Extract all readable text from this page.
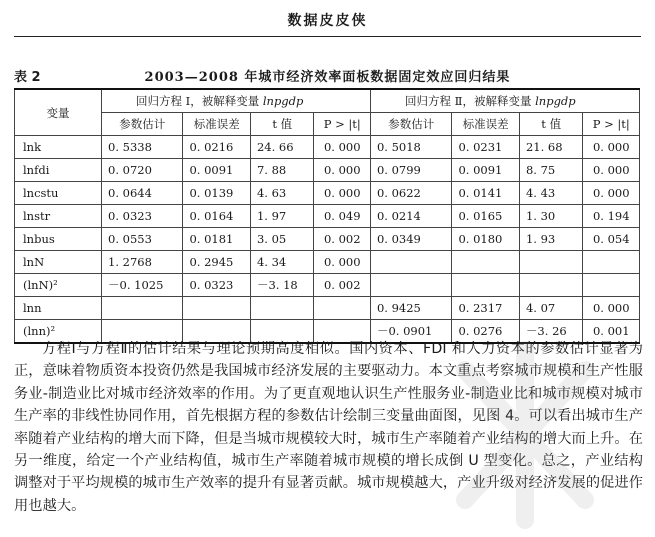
数据皮皮侠
表 2	2003—2008 年城市经济效率面板数据固定效应回归结果
变量	回归方程 Ⅰ，被解释变量 lnpgdp				回归方程 Ⅱ，被解释变量 lnpgdp			
	参数估计	标准误差	t 值	P > |t|	参数估计	标准误差	t 值	P > |t|
lnk	0. 5338	0. 0216	24. 66	0. 000	0. 5018	0. 0231	21. 68	0. 000
lnfdi	0. 0720	0. 0091	7. 88	0. 000	0. 0799	0. 0091	8. 75	0. 000
lncstu	0. 0644	0. 0139	4. 63	0. 000	0. 0622	0. 0141	4. 43	0. 000
lnstr	0. 0323	0. 0164	1. 97	0. 049	0. 0214	0. 0165	1. 30	0. 194
lnbus	0. 0553	0. 0181	3. 05	0. 002	0. 0349	0. 0180	1. 93	0. 054
lnN	1. 2768	0. 2945	4. 34	0. 000				
(lnN)²	－0. 1025	0. 0323	－3. 18	0. 002				
lnn					0. 9425	0. 2317	4. 07	0. 000
(lnn)²					－0. 0901	0. 0276	－3. 26	0. 001
方程Ⅰ与方程Ⅱ的估计结果与理论预期高度相似。国内资本、FDI 和人力资本的参数估计显著为正，意味着物质资本投资仍然是我国城市经济发展的主要驱动力。本文重点考察城市规模和生产性服务业-制造业比对城市经济效率的作用。为了更直观地认识生产性服务业-制造业比和城市规模对城市生产率的非线性协同作用，首先根据方程的参数估计绘制三变量曲面图，见图 4。可以看出城市生产率随着产业结构的增大而下降，但是当城市规模较大时，城市生产率随着产业结构的增大而上升。在另一维度，给定一个产业结构值，城市生产率随着城市规模的增长成倒 U 型变化。总之，产业结构调整对于平均规模的城市生产效率的提升有显著贡献。城市规模越大，产业升级对经济发展的促进作用也越大。
